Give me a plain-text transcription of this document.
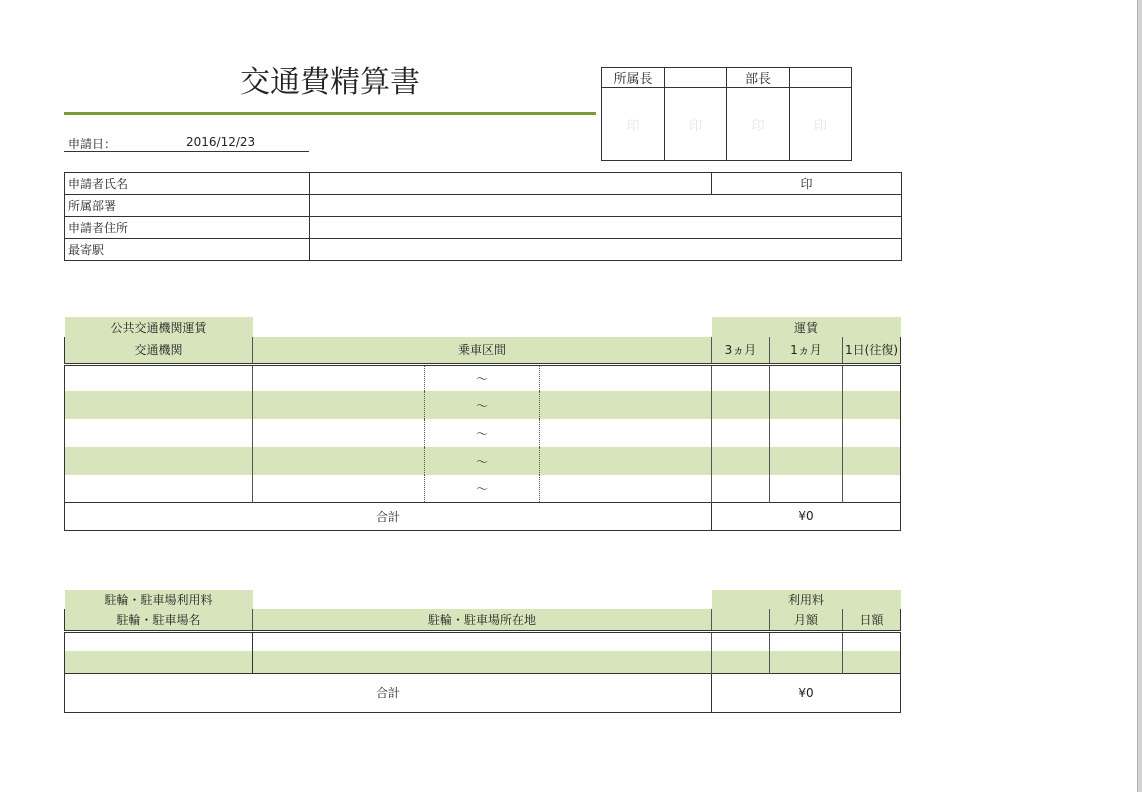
交通費精算書
申請日：	2016/12/23
所属長		部長	
印	印	印	印
申請者氏名		印
所属部署		
申請者住所		
最寄駅		
公共交通機関運賃				運賃		
交通機関	乗車区間			3ヵ月	1ヵ月	1日(往復)
		～				
		～				
		～				
		～				
		～				
合計				¥0		
駐輪・駐車場利用料		利用料		
駐輪・駐車場名	駐輪・駐車場所在地		月額	日額

合計		¥0		
